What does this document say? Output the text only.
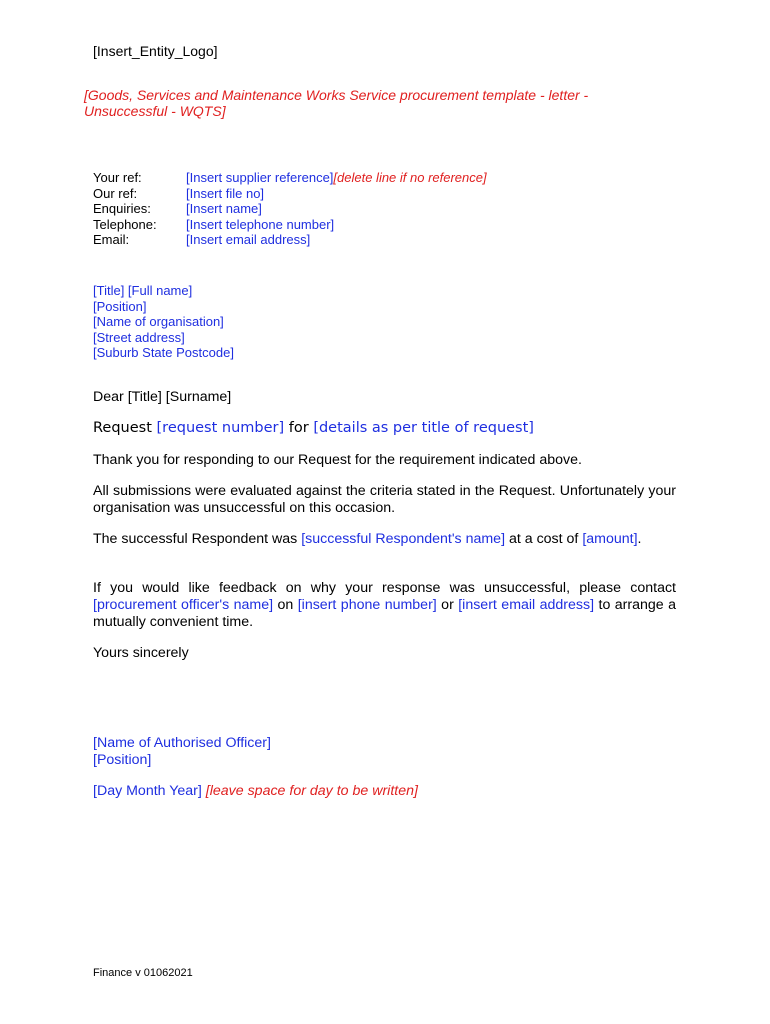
[Insert_Entity_Logo]
[Goods, Services and Maintenance Works Service procurement template - letter - Unsuccessful - WQTS]
Your ref:	[Insert supplier reference] [delete line if no reference]
Our ref:	[Insert file no]
Enquiries:	[Insert name]
Telephone:	[Insert telephone number]
Email:	[Insert email address]
[Title] [Full name]
[Position]
[Name of organisation]
[Street address]
[Suburb State Postcode]
Dear [Title] [Surname]
Request [request number] for [details as per title of request]
Thank you for responding to our Request for the requirement indicated above.
All submissions were evaluated against the criteria stated in the Request. Unfortunately your organisation was unsuccessful on this occasion.
The successful Respondent was [successful Respondent's name] at a cost of [amount].
If you would like feedback on why your response was unsuccessful, please contact [procurement officer's name] on [insert phone number] or [insert email address] to arrange a mutually convenient time.
Yours sincerely
[Name of Authorised Officer]
[Position]
[Day Month Year] [leave space for day to be written]
Finance v 01062021
